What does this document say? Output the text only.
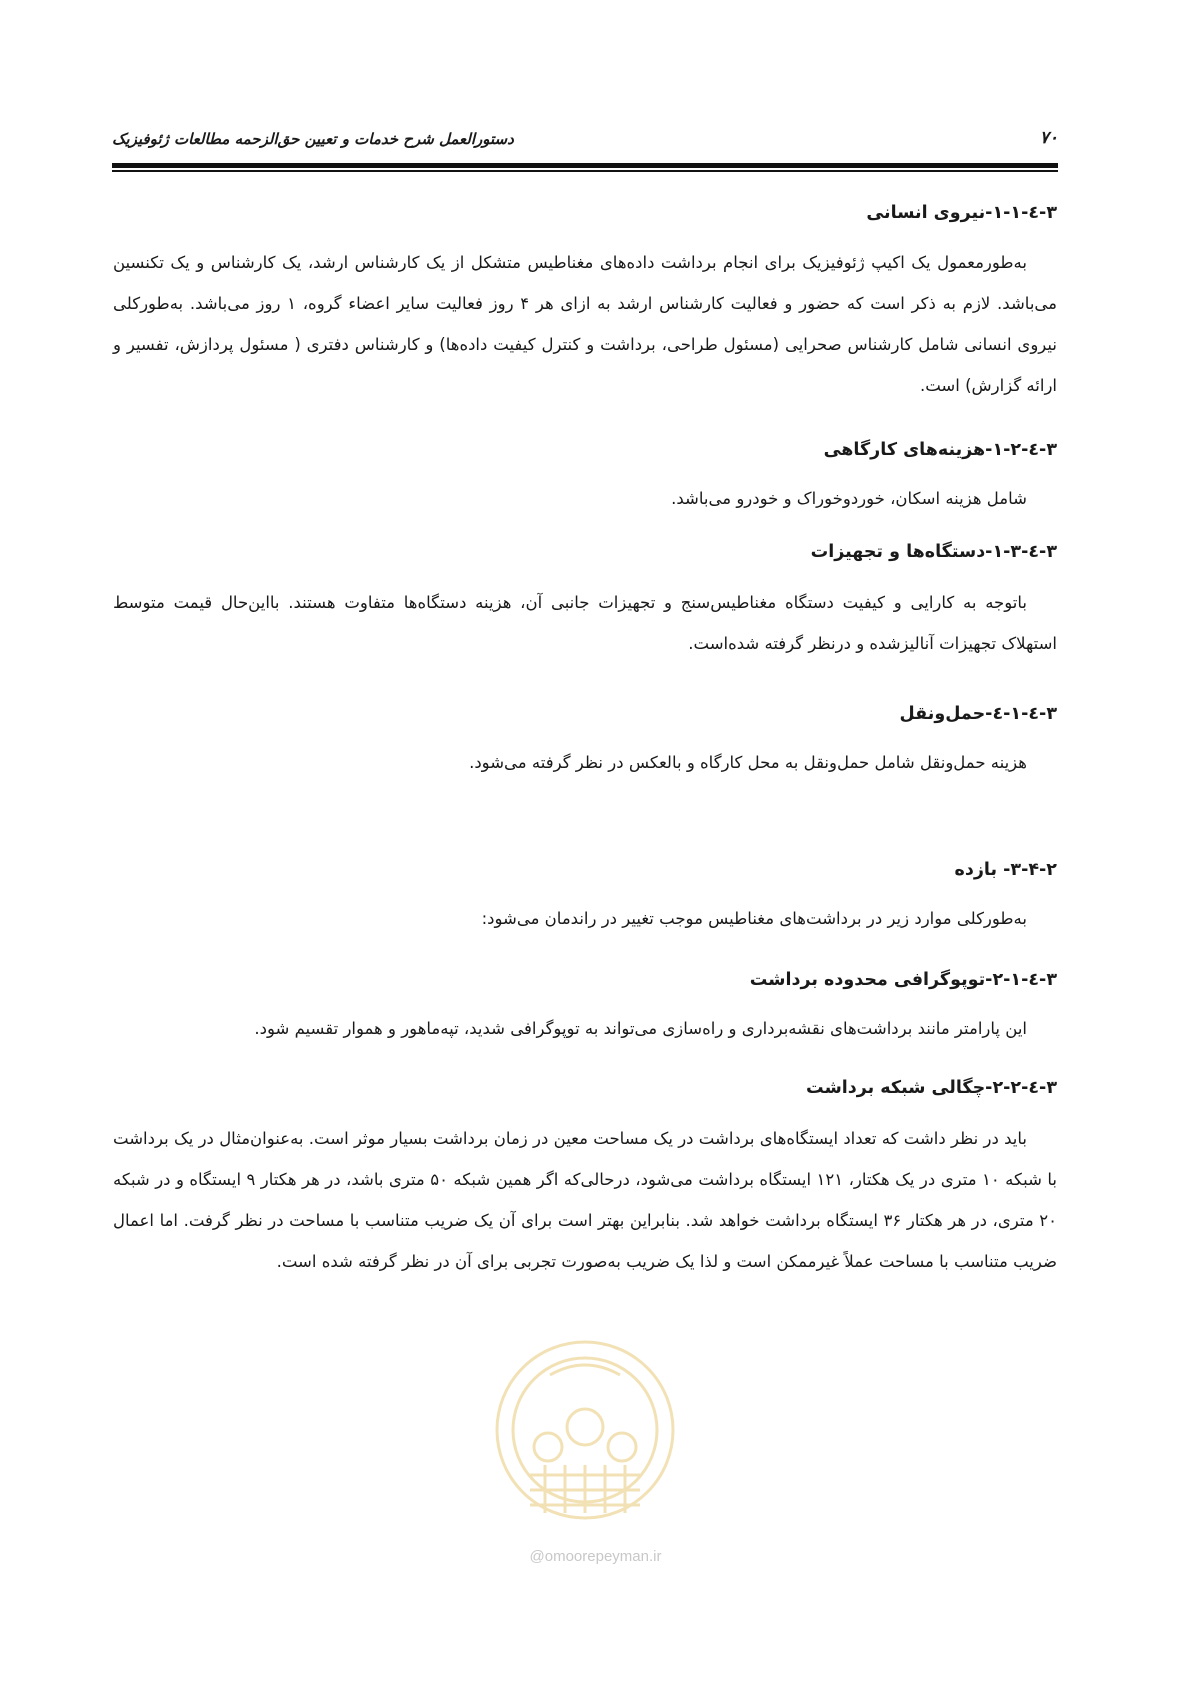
۷۰
دستورالعمل شرح خدمات و تعیین حق‌الزحمه مطالعات ژئوفیزیک
۳-٤-۱-۱-نیروی انسانی
به‌طورمعمول یک اکیپ ژئوفیزیک برای انجام برداشت داده‌های مغناطیس متشکل از یک کارشناس ارشد، یک کارشناس و یک تکنسین می‌باشد. لازم به ذکر است که حضور و فعالیت کارشناس ارشد به ازای هر ۴ روز فعالیت سایر اعضاء گروه، ۱ روز می‌باشد. به‌طورکلی نیروی انسانی شامل کارشناس صحرایی (مسئول طراحی، برداشت و کنترل کیفیت داده‌ها) و کارشناس دفتری ( مسئول پردازش، تفسیر و ارائه گزارش) است.
۳-٤-۱-۲-هزینه‌های کارگاهی
شامل هزینه اسکان، خوردوخوراک و خودرو می‌باشد.
۳-٤-۱-۳-دستگاه‌ها و تجهیزات
باتوجه به کارایی و کیفیت دستگاه مغناطیس‌سنج و تجهیزات جانبی آن، هزینه دستگاه‌ها متفاوت هستند. بااین‌حال قیمت متوسط استهلاک تجهیزات آنالیزشده و درنظر گرفته شده‌است.
۳-٤-۱-٤-حمل‌ونقل
هزینه حمل‌ونقل شامل حمل‌ونقل به محل کارگاه و بالعکس در نظر گرفته می‌شود.
۳-۴-۲- بازده
به‌طورکلی موارد زیر در برداشت‌های مغناطیس موجب تغییر در راندمان می‌شود:
۳-٤-۲-۱-توپوگرافی محدوده برداشت
این پارامتر مانند برداشت‌های نقشه‌برداری و راه‌سازی می‌تواند به توپوگرافی شدید، تپه‌ماهور و هموار تقسیم شود.
۳-٤-۲-۲-چگالی شبکه برداشت
باید در نظر داشت که تعداد ایستگاه‌های برداشت در یک مساحت معین در زمان برداشت بسیار موثر است. به‌عنوان‌مثال در یک برداشت با شبکه ۱۰ متری در یک هکتار، ۱۲۱ ایستگاه برداشت می‌شود، درحالی‌که اگر همین شبکه ۵۰ متری باشد، در هر هکتار ۹ ایستگاه و در شبکه ۲۰ متری، در هر هکتار ۳۶ ایستگاه برداشت خواهد شد. بنابراین بهتر است برای آن یک ضریب متناسب با مساحت در نظر گرفت. اما اعمال ضریب متناسب با مساحت عملاً غیرممکن است و لذا یک ضریب به‌صورت تجربی برای آن در نظر گرفته شده است.
@omoorepeyman.ir
